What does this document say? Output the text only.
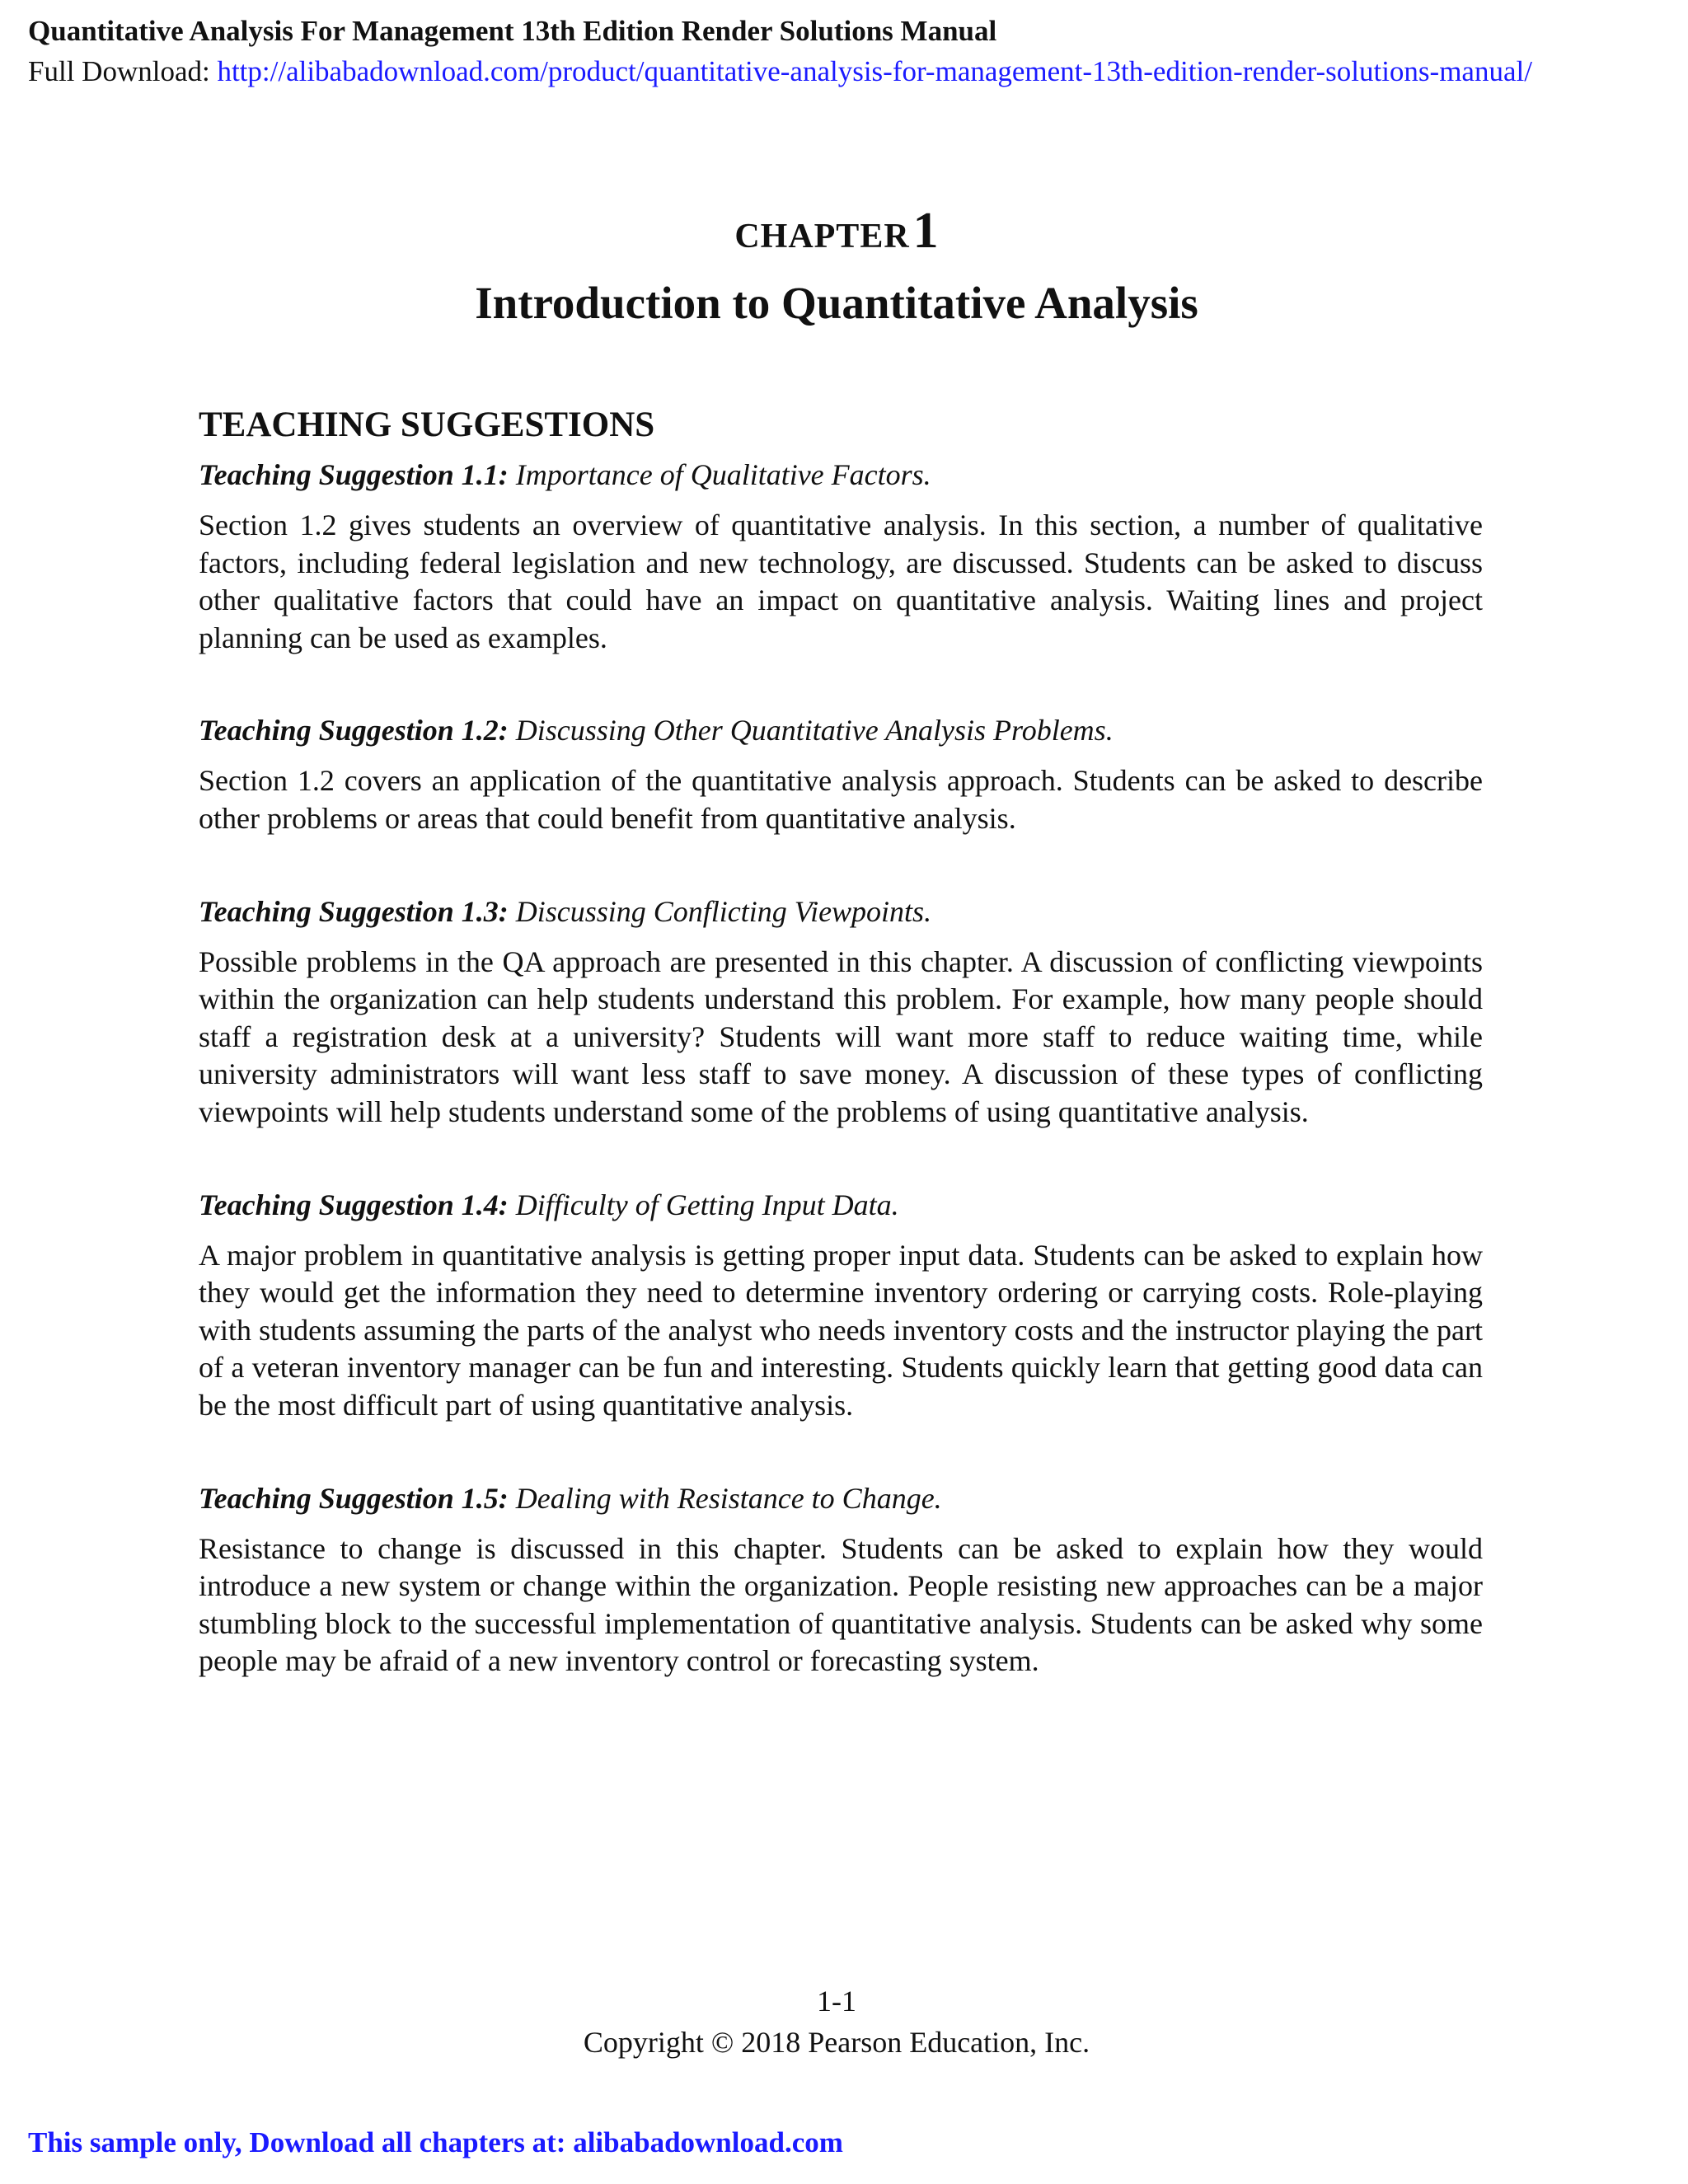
Quantitative Analysis For Management 13th Edition Render Solutions Manual
Full Download: http://alibabadownload.com/product/quantitative-analysis-for-management-13th-edition-render-solutions-manual/
CHAPTER 1
Introduction to Quantitative Analysis
TEACHING SUGGESTIONS

Teaching Suggestion 1.1: Importance of Qualitative Factors.

Section 1.2 gives students an overview of quantitative analysis. In this section, a number of qualitative factors, including federal legislation and new technology, are discussed. Students can be asked to discuss other qualitative factors that could have an impact on quantitative analysis. Waiting lines and project planning can be used as examples.

Teaching Suggestion 1.2: Discussing Other Quantitative Analysis Problems.

Section 1.2 covers an application of the quantitative analysis approach. Students can be asked to describe other problems or areas that could benefit from quantitative analysis.

Teaching Suggestion 1.3: Discussing Conflicting Viewpoints.

Possible problems in the QA approach are presented in this chapter. A discussion of conflicting viewpoints within the organization can help students understand this problem. For example, how many people should staff a registration desk at a university? Students will want more staff to reduce waiting time, while university administrators will want less staff to save money. A discussion of these types of conflicting viewpoints will help students understand some of the problems of using quantitative analysis.

Teaching Suggestion 1.4: Difficulty of Getting Input Data.

A major problem in quantitative analysis is getting proper input data. Students can be asked to explain how they would get the information they need to determine inventory ordering or carrying costs. Role-playing with students assuming the parts of the analyst who needs inventory costs and the instructor playing the part of a veteran inventory manager can be fun and interesting. Students quickly learn that getting good data can be the most difficult part of using quantitative analysis.

Teaching Suggestion 1.5: Dealing with Resistance to Change.

Resistance to change is discussed in this chapter. Students can be asked to explain how they would introduce a new system or change within the organization. People resisting new approaches can be a major stumbling block to the successful implementation of quantitative analysis. Students can be asked why some people may be afraid of a new inventory control or forecasting system.

1-1
Copyright © 2018 Pearson Education, Inc.
This sample only, Download all chapters at: alibabadownload.com
